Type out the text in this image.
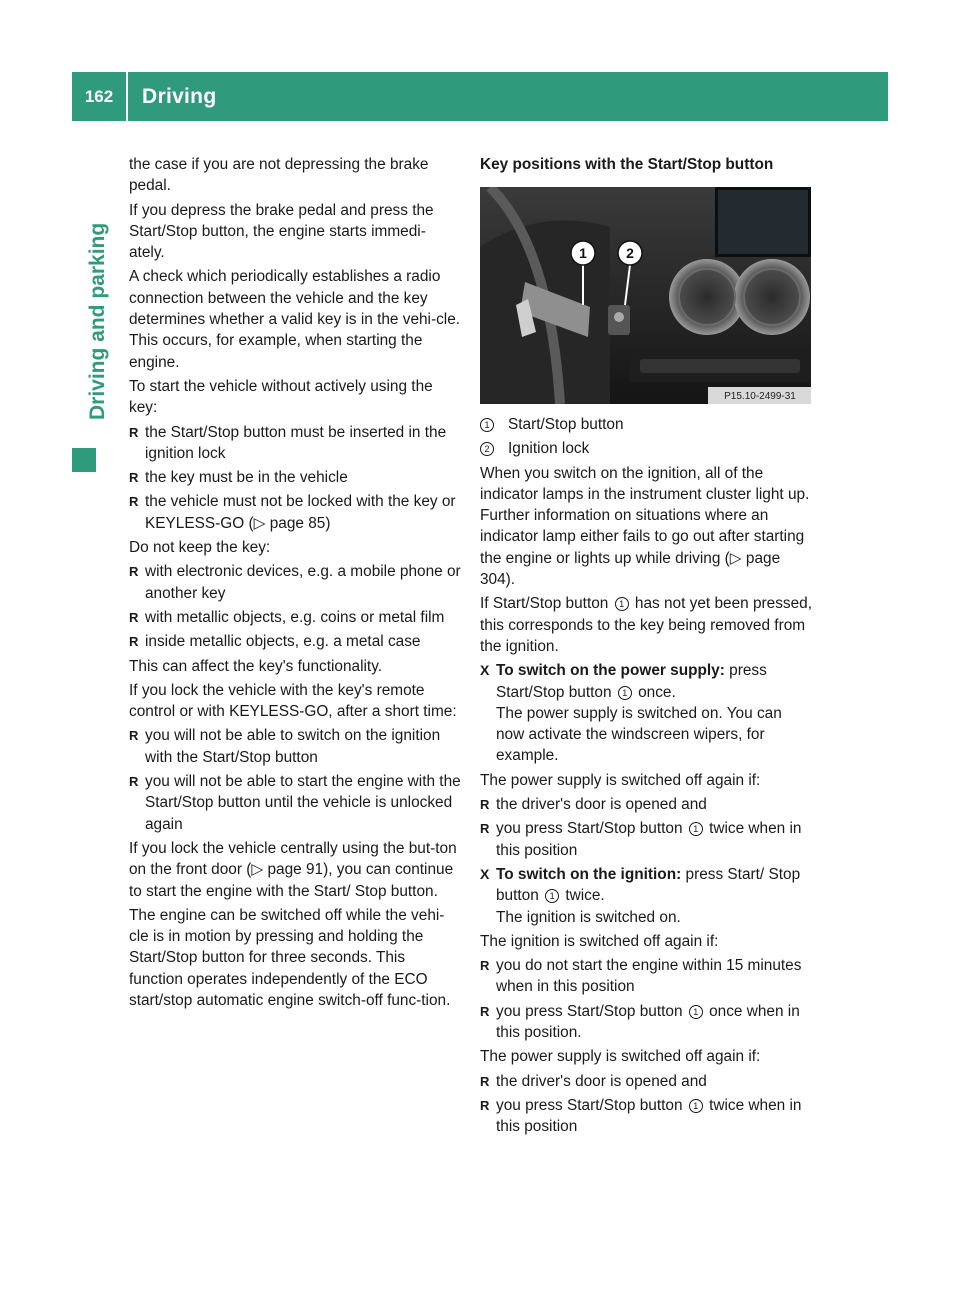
162	Driving
Driving and parking

the case if you are not depressing the brake pedal.

If you depress the brake pedal and press the Start/Stop button, the engine starts immedi-ately.

A check which periodically establishes a radio connection between the vehicle and the key determines whether a valid key is in the vehi-cle. This occurs, for example, when starting the engine.

To start the vehicle without actively using the key:

R the Start/Stop button must be inserted in the ignition lock
R the key must be in the vehicle
R the vehicle must not be locked with the key or KEYLESS-GO (▷ page 85)

Do not keep the key:

R with electronic devices, e.g. a mobile phone or another key
R with metallic objects, e.g. coins or metal film
R inside metallic objects, e.g. a metal case

This can affect the key's functionality.

If you lock the vehicle with the key's remote control or with KEYLESS-GO, after a short time:

R you will not be able to switch on the ignition with the Start/Stop button
R you will not be able to start the engine with the Start/Stop button until the vehicle is unlocked again

If you lock the vehicle centrally using the but-ton on the front door (▷ page 91), you can continue to start the engine with the Start/ Stop button.

The engine can be switched off while the vehi-cle is in motion by pressing and holding the Start/Stop button for three seconds. This function operates independently of the ECO start/stop automatic engine switch-off func-tion.

Key positions with the Start/Stop button
1	2
P15.10-2499-31
1 Start/Stop button
2 Ignition lock

When you switch on the ignition, all of the indicator lamps in the instrument cluster light up. Further information on situations where an indicator lamp either fails to go out after starting the engine or lights up while driving (▷ page 304).

If Start/Stop button 1 has not yet been pressed, this corresponds to the key being removed from the ignition.

X To switch on the power supply: press Start/Stop button 1 once.
The power supply is switched on. You can now activate the windscreen wipers, for example.

The power supply is switched off again if:

R the driver's door is opened and
R you press Start/Stop button 1 twice when in this position
X To switch on the ignition: press Start/ Stop button 1 twice.
The ignition is switched on.

The ignition is switched off again if:

R you do not start the engine within 15 minutes when in this position
R you press Start/Stop button 1 once when in this position.

The power supply is switched off again if:

R the driver's door is opened and
R you press Start/Stop button 1 twice when in this position
